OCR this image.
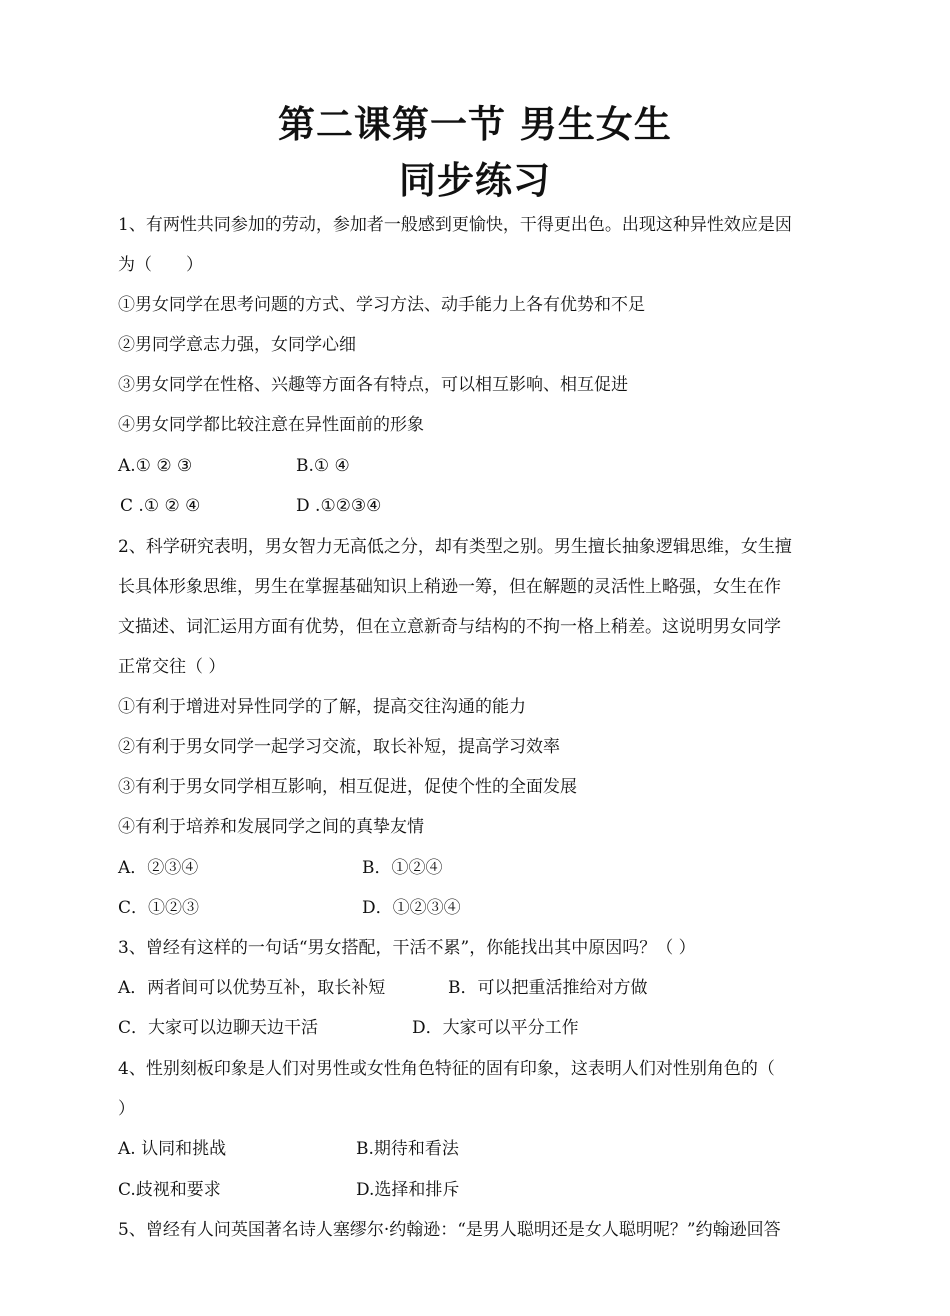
第二课第一节 男生女生
同步练习
1、有两性共同参加的劳动，参加者一般感到更愉快，干得更出色。出现这种异性效应是因
为（　　）
①男女同学在思考问题的方式、学习方法、动手能力上各有优势和不足
②男同学意志力强，女同学心细
③男女同学在性格、兴趣等方面各有特点，可以相互影响、相互促进
④男女同学都比较注意在异性面前的形象
A.① ② ③	B.① ④
C .① ② ④	D .①②③④
2、科学研究表明，男女智力无高低之分，却有类型之别。男生擅长抽象逻辑思维，女生擅
长具体形象思维，男生在掌握基础知识上稍逊一筹，但在解题的灵活性上略强，女生在作
文描述、词汇运用方面有优势，但在立意新奇与结构的不拘一格上稍差。这说明男女同学
正常交往（ ）
①有利于增进对异性同学的了解，提高交往沟通的能力
②有利于男女同学一起学习交流，取长补短，提高学习效率
③有利于男女同学相互影响，相互促进，促使个性的全面发展
④有利于培养和发展同学之间的真挚友情
A．②③④	B．①②④
C．①②③	D．①②③④
3、曾经有这样的一句话“男女搭配，干活不累”，你能找出其中原因吗？（ ）
A．两者间可以优势互补，取长补短	B．可以把重活推给对方做
C．大家可以边聊天边干活	D．大家可以平分工作
4、性别刻板印象是人们对男性或女性角色特征的固有印象，这表明人们对性别角色的（
）
A. 认同和挑战	B.期待和看法
C.歧视和要求	D.选择和排斥
5、曾经有人问英国著名诗人塞缪尔·约翰逊：“是男人聪明还是女人聪明呢？”约翰逊回答
